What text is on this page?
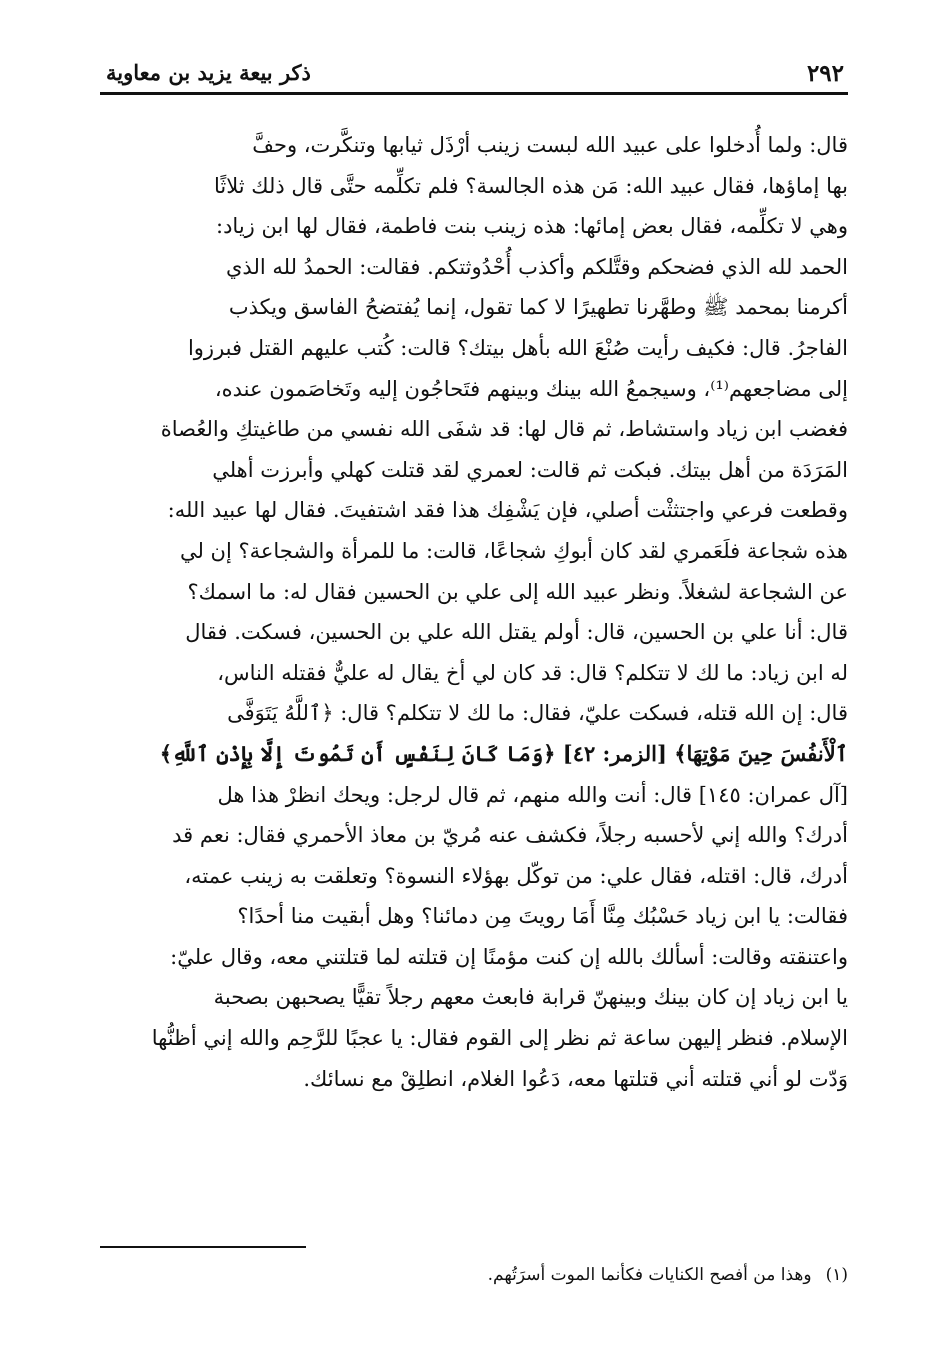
٢٩٢
ذكر بيعة يزيد بن معاوية

قال: ولما أُدخلوا على عبيد الله لبست زينب أرْذَل ثيابها وتنكَّرت، وحفَّ
بها إماؤها، فقال عبيد الله: مَن هذه الجالسة؟ فلم تكلِّمه حتَّى قال ذلك ثلاثًا
وهي لا تكلِّمه، فقال بعض إمائها: هذه زينب بنت فاطمة، فقال لها ابن زياد:
الحمد لله الذي فضحكم وقتَّلكم وأكذب أُحْدُوثتكم. فقالت: الحمدُ لله الذي
أكرمنا بمحمد ﷺ وطهَّرنا تطهيرًا لا كما تقول، إنما يُفتضحُ الفاسق ويكذب
الفاجرُ. قال: فكيف رأيت صُنْعَ الله بأهل بيتك؟ قالت: كُتب عليهم القتل فبرزوا
إلى مضاجعهم⁽¹⁾، وسيجمعُ الله بينك وبينهم فتَحاجُون إليه وتَخاصَمون عنده،
فغضب ابن زياد واستشاط، ثم قال لها: قد شفَى الله نفسي من طاغيتكِ والعُصاة
المَرَدَة من أهل بيتك. فبكت ثم قالت: لعمري لقد قتلت كهلي وأبرزت أهلي
وقطعت فرعي واجتثثْت أصلي، فإن يَشْفِك هذا فقد اشتفيتَ. فقال لها عبيد الله:
هذه شجاعة فلَعَمري لقد كان أبوكِ شجاعًا، قالت: ما للمرأة والشجاعة؟ إن لي
عن الشجاعة لشغلاً. ونظر عبيد الله إلى علي بن الحسين فقال له: ما اسمك؟
قال: أنا علي بن الحسين، قال: أولم يقتل الله علي بن الحسين، فسكت. فقال
له ابن زياد: ما لك لا تتكلم؟ قال: قد كان لي أخ يقال له عليٌّ فقتله الناس،
قال: إن الله قتله، فسكت عليّ، فقال: ما لك لا تتكلم؟ قال: ﴿ٱللَّهُ يَتَوَفَّى
ٱلْأَنفُسَ حِينَ مَوْتِهَا﴾ [الزمر: ٤٢] ﴿وَمَا كَانَ لِنَفْسٍ أَن تَمُوتَ إِلَّا بِإِذْنِ ٱللَّهِ﴾
[آل عمران: ١٤٥] قال: أنت والله منهم، ثم قال لرجل: ويحك انظرْ هذا هل
أدرك؟ والله إني لأحسبه رجلاً، فكشف عنه مُريّ بن معاذ الأحمري فقال: نعم قد
أدرك، قال: اقتله، فقال علي: من توكّل بهؤلاء النسوة؟ وتعلقت به زينب عمته،
فقالت: يا ابن زياد حَسْبُك مِنَّا أَمَا رويتَ مِن دمائنا؟ وهل أبقيت منا أحدًا؟
واعتنقته وقالت: أسألك بالله إن كنت مؤمنًا إن قتلته لما قتلتني معه، وقال عليّ:
يا ابن زياد إن كان بينك وبينهنّ قرابة فابعث معهم رجلاً تقيًّا يصحبهن بصحبة
الإسلام. فنظر إليهن ساعة ثم نظر إلى القوم فقال: يا عجبًا للرَّحِم والله إني أظنُّها
وَدّت لو أني قتلته أني قتلتها معه، دَعُوا الغلام، انطلِقْ مع نسائك.

(١)وهذا من أفصح الكنايات فكأنما الموت أسرَتُهم.
